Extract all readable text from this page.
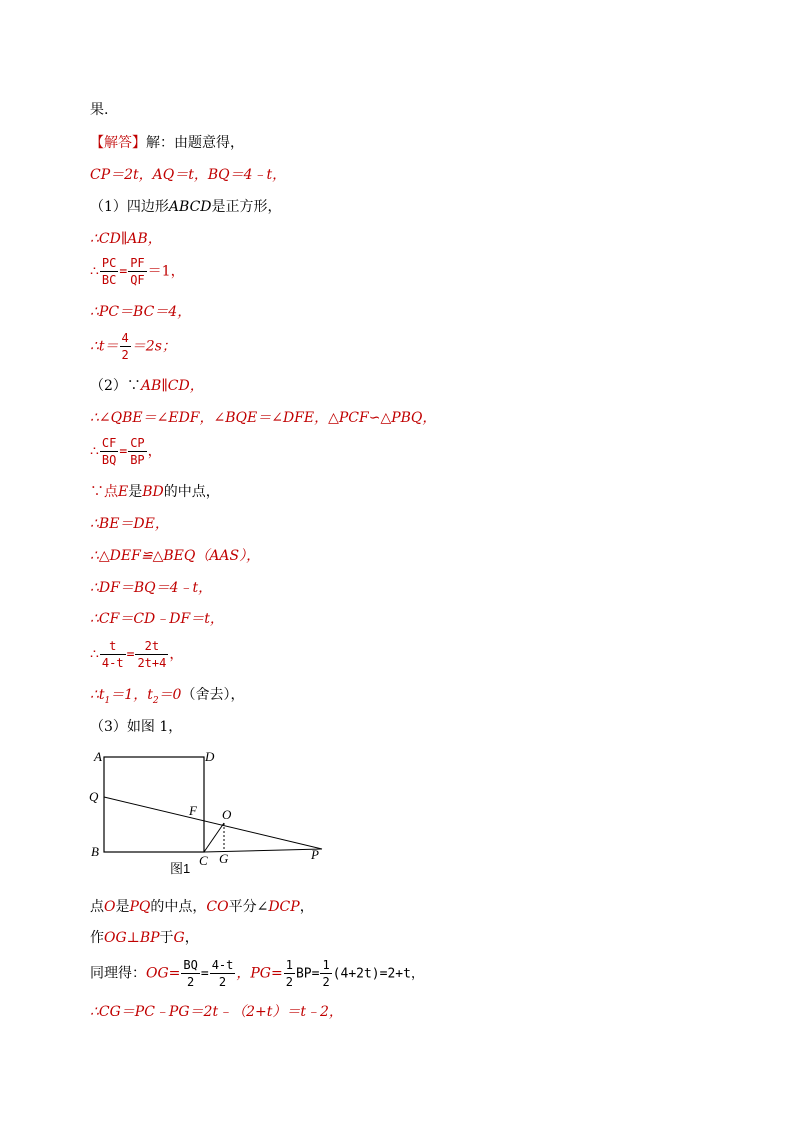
果.
【解答】解：由题意得，
CP＝2t，AQ＝t，BQ＝4﹣t，
（1）四边形ABCD是正方形，
∴CD∥AB，
∴ $\frac{PC}{BC} = \frac{PF}{QF} =1$，
∴PC＝BC＝4，
∴t＝ $\frac{4}{2} =2s$；
（2）∵AB∥CD，
∴∠QBE＝∠EDF，∠BQE＝∠DFE，△PCF∽△PBQ，
∴ $\frac{CF}{BQ} = \frac{CP}{BP}$ ，
∵点E是BD的中点，
∴BE＝DE，
∴△DEF≌△BEQ（AAS），
∴DF＝BQ＝4﹣t，
∴CF＝CD﹣DF＝t，
∴ $\frac{t}{4-t} = \frac{2t}{2t+4}$ ，
$\therefore t_1=1$，$t_2=0$（舍去），
（3）如图 1，
A	D
Q
F O
B
C G	P
图1
点O是PQ的中点，CO平分∠DCP，
作OG⊥BP于G，
同理得：$OG= \frac{BQ}{2} = \frac{4-t}{2}$ ，$PG= \frac{1}{2} BP= \frac{1}{2} (4+2t)=2+t$，
∴CG＝PC﹣PG＝2t﹣（2+t）＝t﹣2，
